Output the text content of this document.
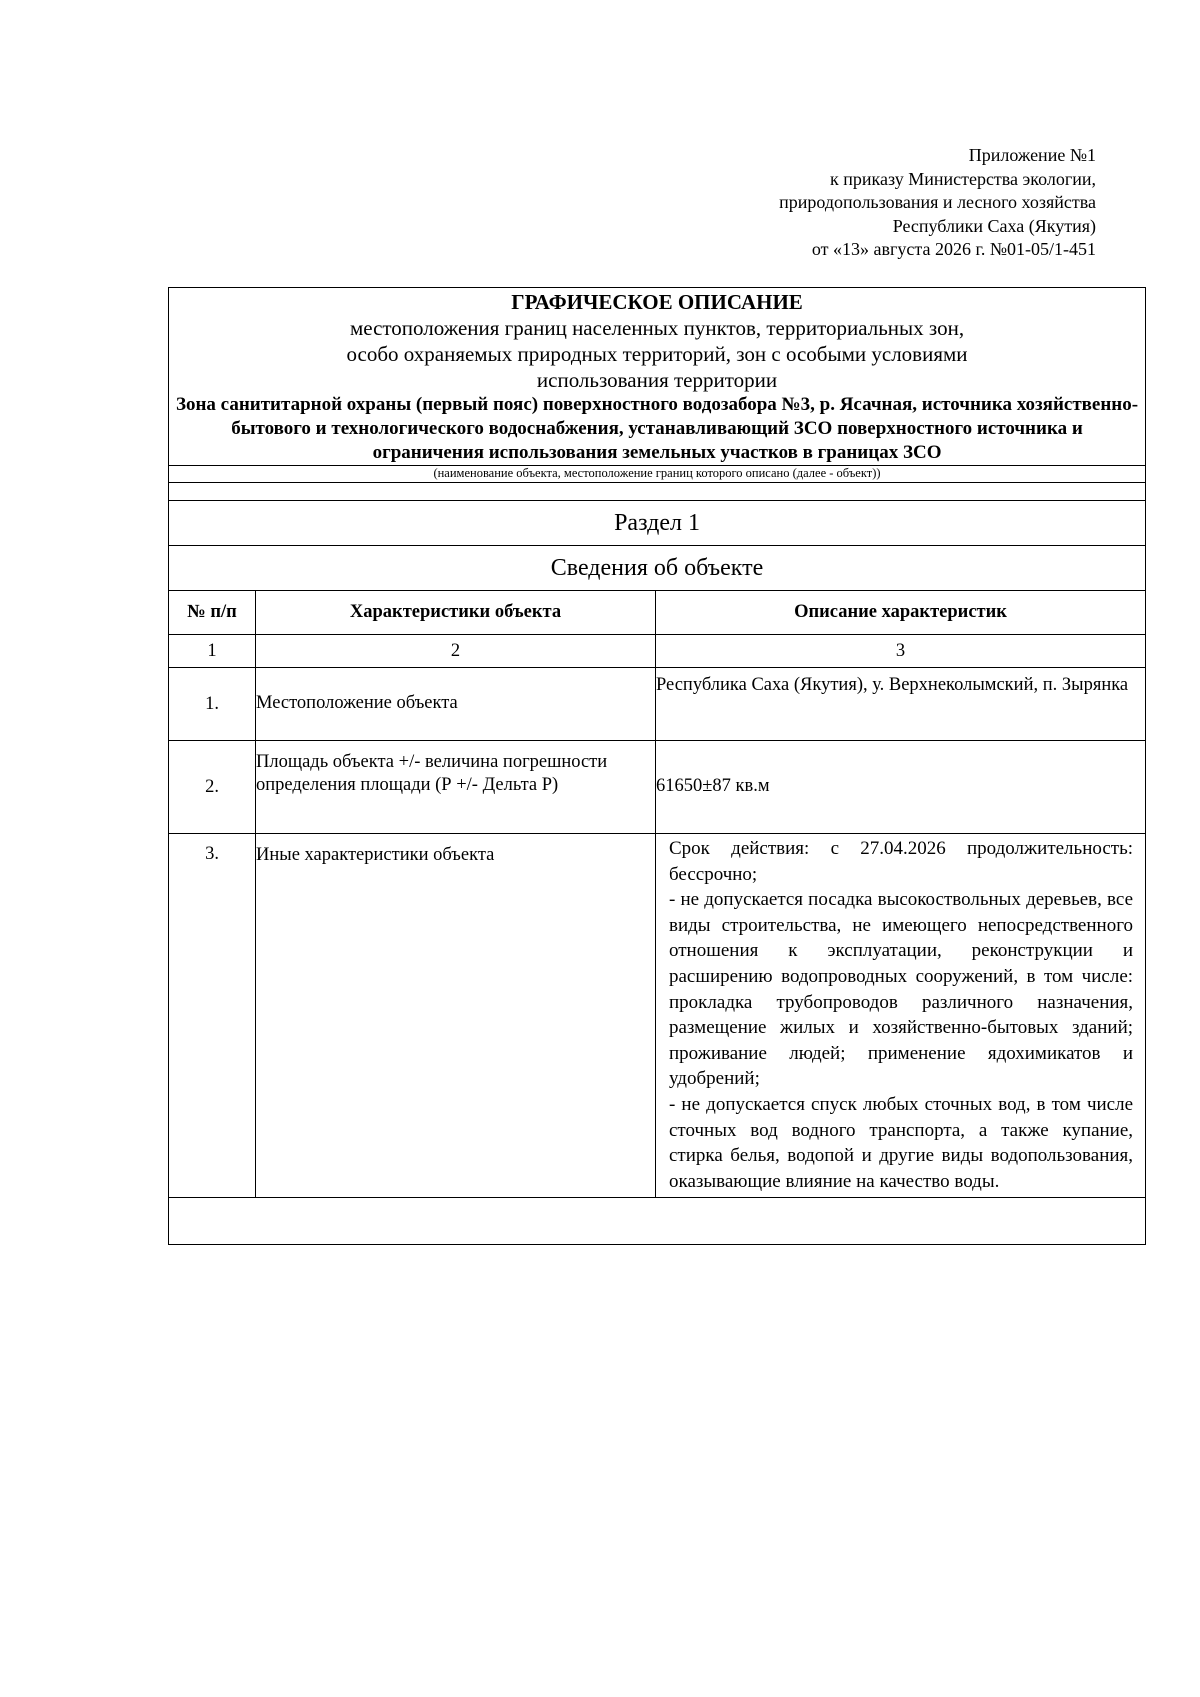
Приложение №1
к приказу Министерства экологии,
природопользования и лесного хозяйства
Республики Саха (Якутия)
от «13» августа 2026 г. №01-05/1-451
ГРАФИЧЕСКОЕ ОПИСАНИЕ
местоположения границ населенных пунктов, территориальных зон,
особо охраняемых природных территорий, зон с особыми условиями
использования территории
Зона санититарной охраны (первый пояс) поверхностного водозабора №3, р. Ясачная, источника хозяйственно-бытового и технологического водоснабжения, устанавливающий ЗСО поверхностного источника и ограничения использования земельных участков в границах ЗСО		

(наименование объекта, местоположение границ которого описано (далее - объект))		

Раздел 1		
Сведения об объекте		
№ п/п	Характеристики объекта	Описание характеристик
1	2	3
1.	Местоположение объекта	Республика Саха (Якутия), у. Верхнеколымский, п. Зырянка
2.	Площадь объекта +/- величина погрешности определения площади (Р +/- Дельта Р)	61650±87 кв.м
3.	Иные характеристики объекта	Срок действия: с 27.04.2026 продолжительность: бессрочно;

- не допускается посадка высокоствольных деревьев, все виды строительства, не имеющего непосредственного отношения к эксплуатации, реконструкции и расширению водопроводных сооружений, в том числе: прокладка трубопроводов различного назначения, размещение жилых и хозяйственно-бытовых зданий; проживание людей; применение ядохимикатов и удобрений;

- не допускается спуск любых сточных вод, в том числе сточных вод водного транспорта, а также купание, стирка белья, водопой и другие виды водопользования, оказывающие влияние на качество воды.
